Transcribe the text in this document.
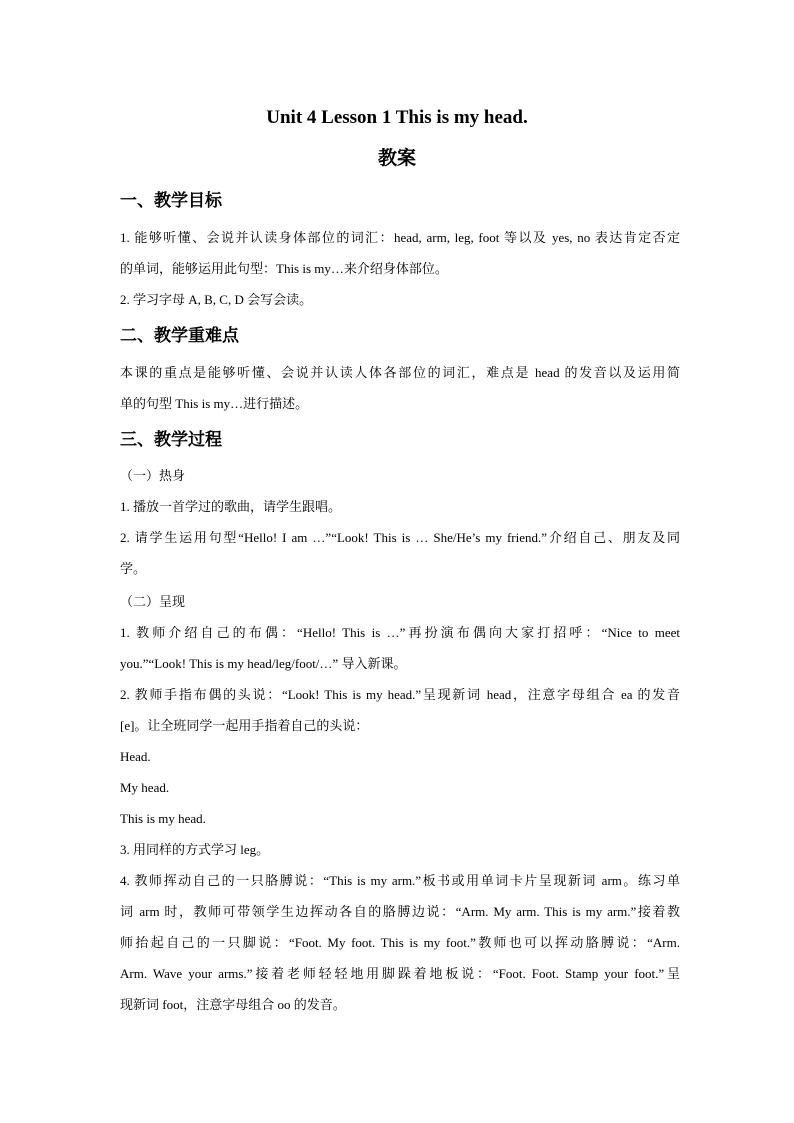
Unit 4 Lesson 1 This is my head.
教案
一、教学目标
1. 能够听懂、会说并认读身体部位的词汇：head, arm, leg, foot 等以及 yes, no 表达肯定否定
的单词，能够运用此句型：This is my…来介绍身体部位。
2. 学习字母 A, B, C, D 会写会读。
二、教学重难点
本课的重点是能够听懂、会说并认读人体各部位的词汇，难点是 head 的发音以及运用简
单的句型 This is my…进行描述。
三、教学过程
（一）热身
1. 播放一首学过的歌曲，请学生跟唱。
2. 请学生运用句型“Hello! I am …”“Look! This is … She/He’s my friend.”介绍自己、朋友及同
学。
（二）呈现
1. 教师介绍自己的布偶：“Hello! This is …”再扮演布偶向大家打招呼：“Nice to meet
you.”“Look! This is my head/leg/foot/…” 导入新课。
2. 教师手指布偶的头说：“Look! This is my head.”呈现新词 head，注意字母组合 ea 的发音
[e]。让全班同学一起用手指着自己的头说：
Head.
My head.
This is my head.
3. 用同样的方式学习 leg。
4. 教师挥动自己的一只胳膊说：“This is my arm.”板书或用单词卡片呈现新词 arm。练习单
词 arm 时，教师可带领学生边挥动各自的胳膊边说：“Arm. My arm. This is my arm.”接着教
师抬起自己的一只脚说：“Foot. My foot. This is my foot.”教师也可以挥动胳膊说：“Arm.
Arm. Wave your arms.”接着老师轻轻地用脚跺着地板说：“Foot. Foot. Stamp your foot.”呈
现新词 foot，注意字母组合 oo 的发音。
